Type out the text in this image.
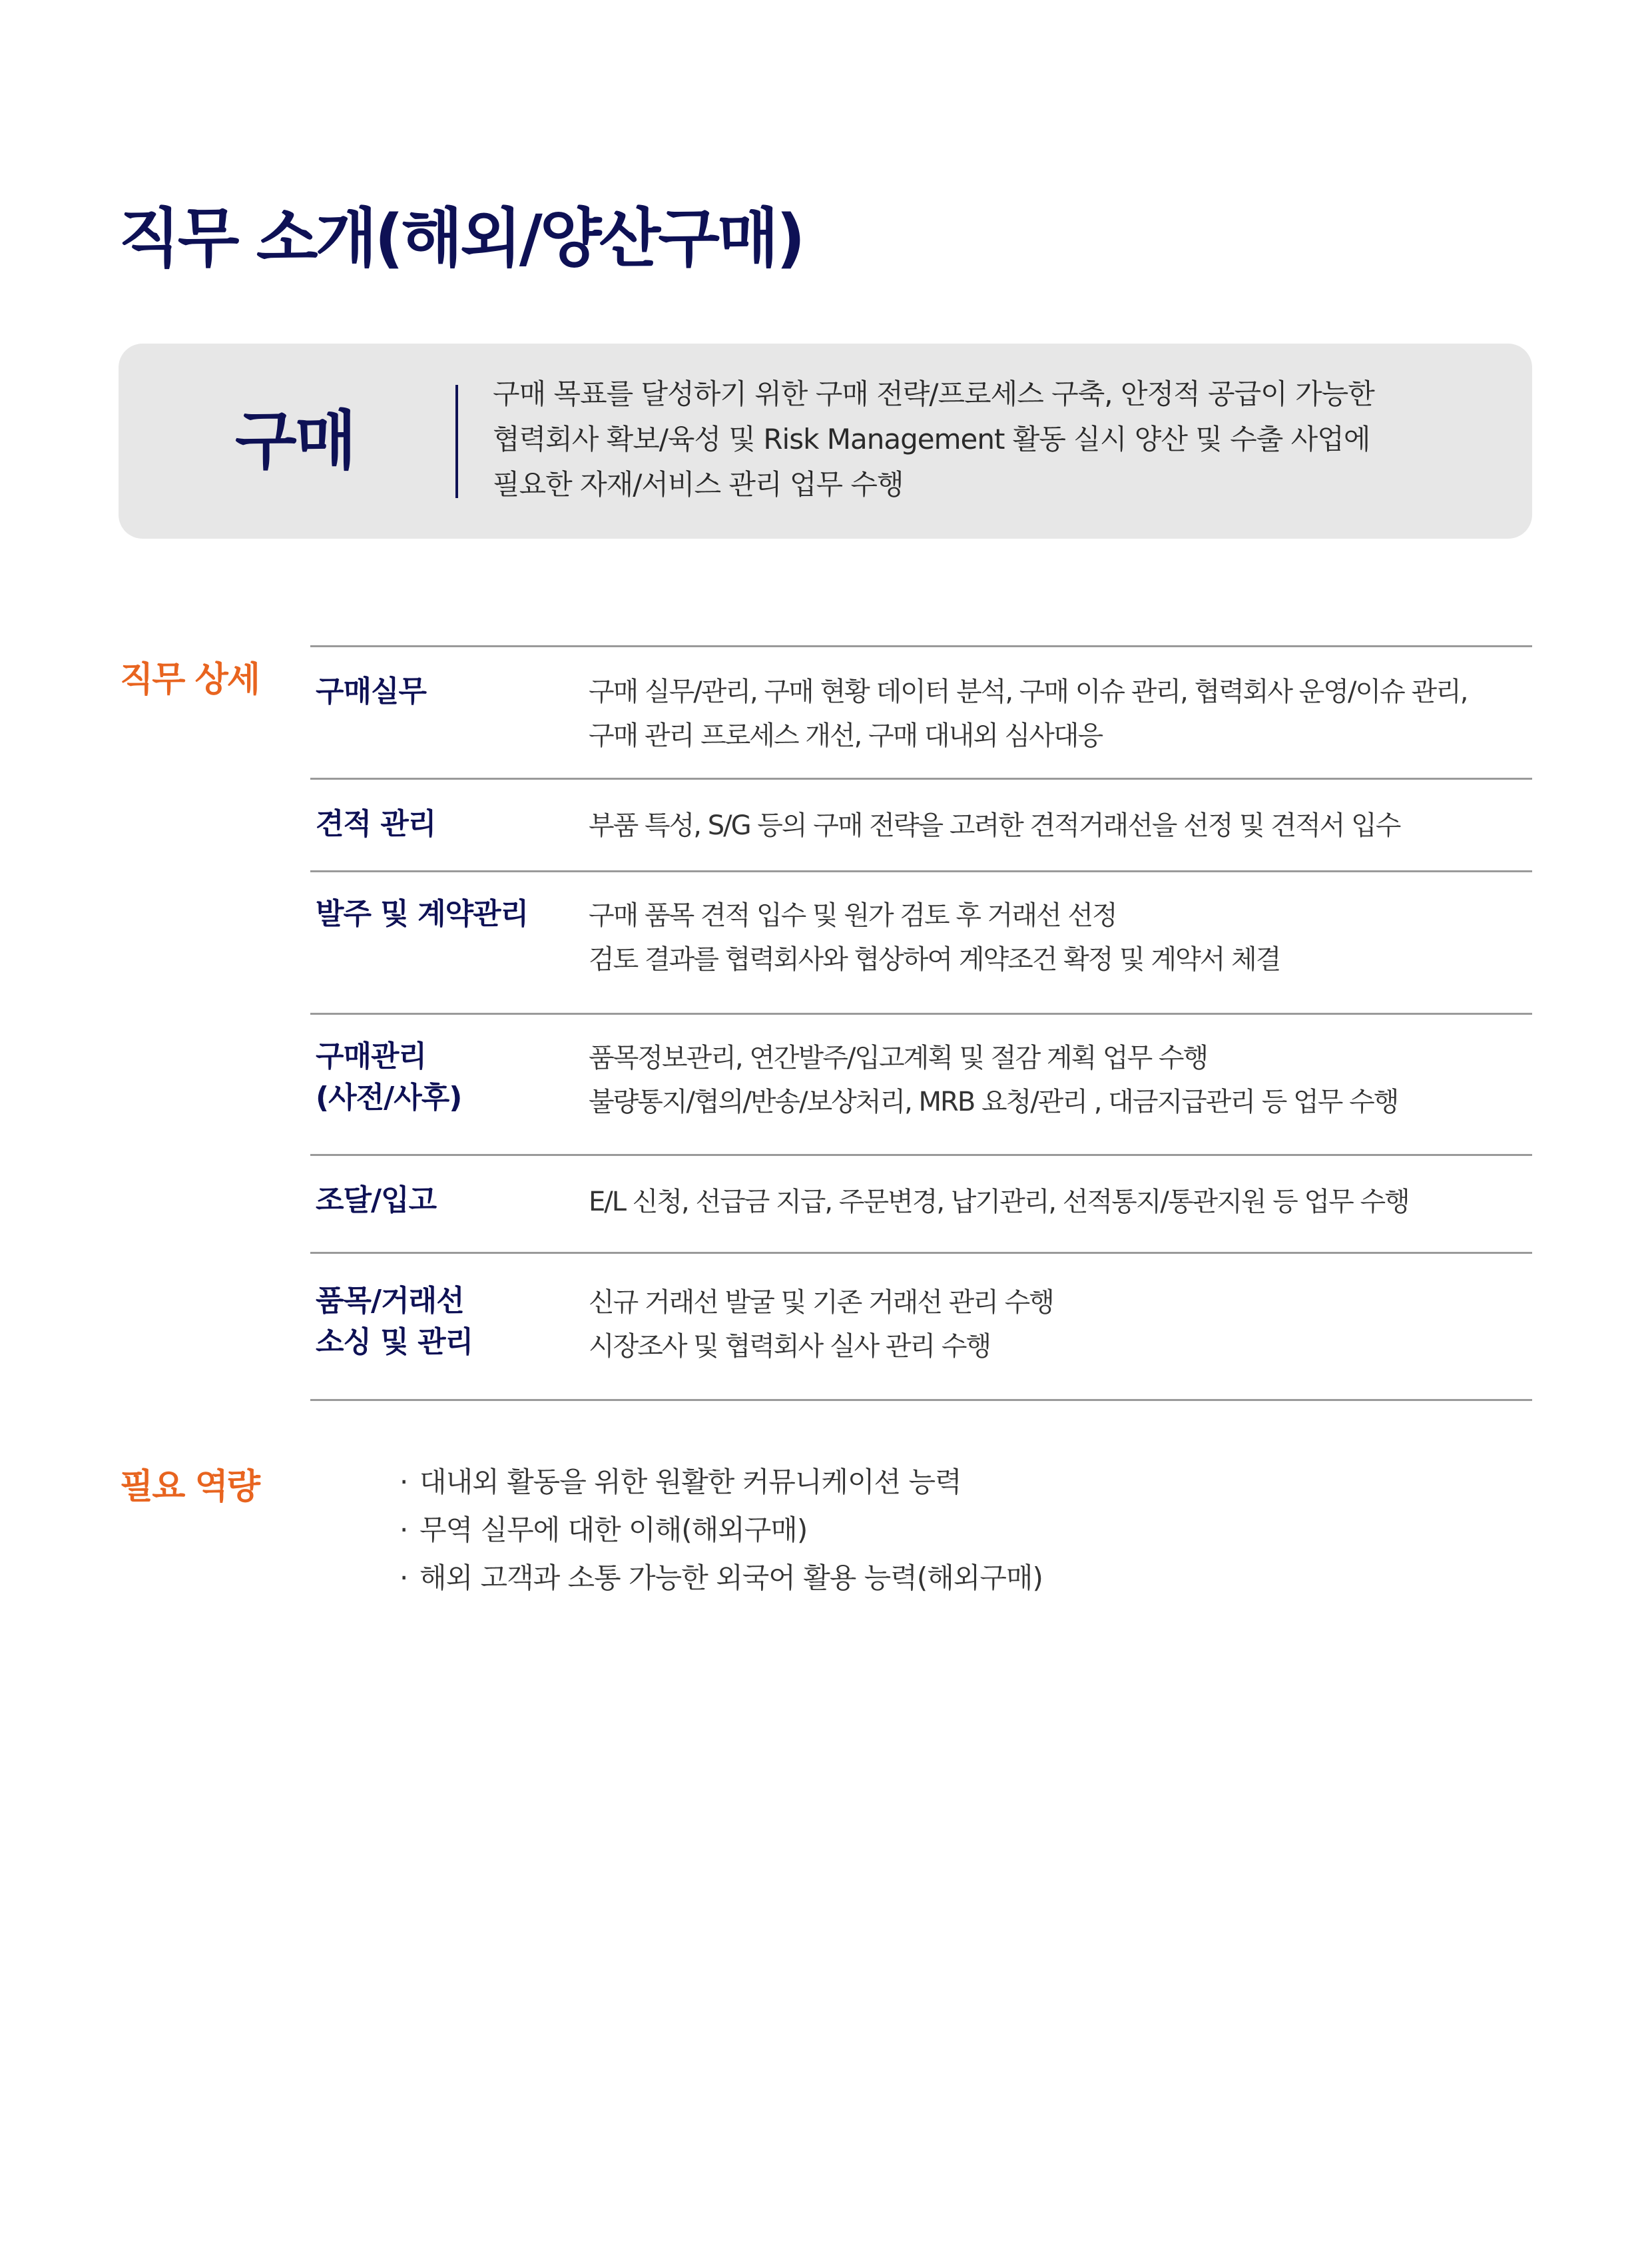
직무 소개(해외/양산구매)
구매
구매 목표를 달성하기 위한 구매 전략/프로세스 구축, 안정적 공급이 가능한
협력회사 확보/육성 및 Risk Management 활동 실시 양산 및 수출 사업에
필요한 자재/서비스 관리 업무 수행
직무 상세 구매실무	구매 실무/관리, 구매 현황 데이터 분석, 구매 이슈 관리, 협력회사 운영/이슈 관리,
구매 관리 프로세스 개선, 구매 대내외 심사대응
견적 관리	부품 특성, S/G 등의 구매 전략을 고려한 견적거래선을 선정 및 견적서 입수
발주 및 계약관리 구매 품목 견적 입수 및 원가 검토 후 거래선 선정
검토 결과를 협력회사와 협상하여 계약조건 확정 및 계약서 체결
구매관리
(사전/사후)
품목정보관리, 연간발주/입고계획 및 절감 계획 업무 수행
불량통지/협의/반송/보상처리, MRB 요청/관리 , 대금지급관리 등 업무 수행
조달/입고	E/L 신청, 선급금 지급, 주문변경, 납기관리, 선적통지/통관지원 등 업무 수행
품목/거래선
소싱 및 관리
신규 거래선 발굴 및 기존 거래선 관리 수행
시장조사 및 협력회사 실사 관리 수행
필요 역량
·	대내외 활동을 위한 원활한 커뮤니케이션 능력
· 무역 실무에 대한 이해(해외구매)
· 해외 고객과 소통 가능한 외국어 활용 능력(해외구매)
